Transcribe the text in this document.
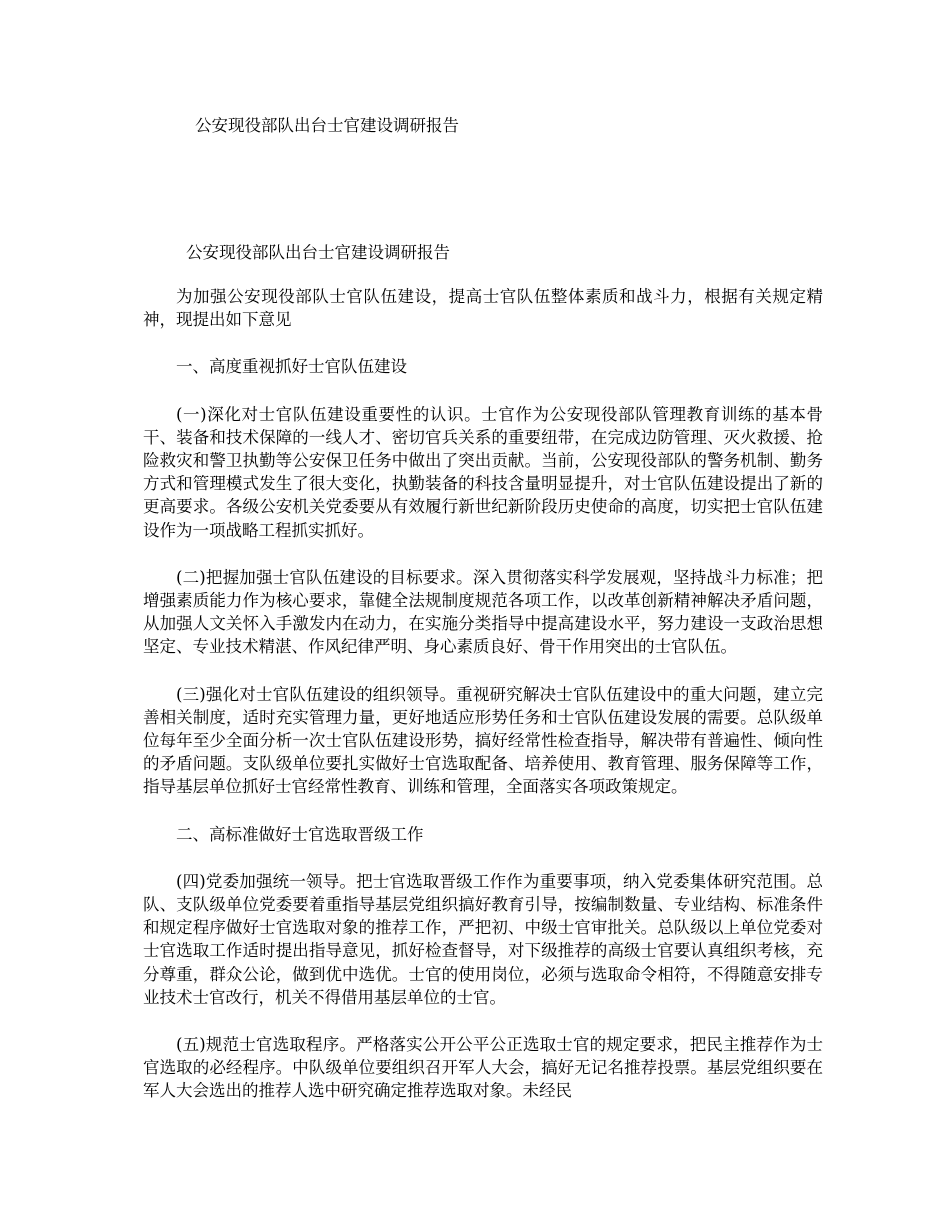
公安现役部队出台士官建设调研报告
公安现役部队出台士官建设调研报告

为加强公安现役部队士官队伍建设，提高士官队伍整体素质和战斗力，根据有关规定精神，现提出如下意见

一、高度重视抓好士官队伍建设

(一)深化对士官队伍建设重要性的认识。士官作为公安现役部队管理教育训练的基本骨干、装备和技术保障的一线人才、密切官兵关系的重要纽带，在完成边防管理、灭火救援、抢险救灾和警卫执勤等公安保卫任务中做出了突出贡献。当前，公安现役部队的警务机制、勤务方式和管理模式发生了很大变化，执勤装备的科技含量明显提升，对士官队伍建设提出了新的更高要求。各级公安机关党委要从有效履行新世纪新阶段历史使命的高度，切实把士官队伍建设作为一项战略工程抓实抓好。

(二)把握加强士官队伍建设的目标要求。深入贯彻落实科学发展观，坚持战斗力标准；把增强素质能力作为核心要求，靠健全法规制度规范各项工作，以改革创新精神解决矛盾问题，从加强人文关怀入手激发内在动力，在实施分类指导中提高建设水平，努力建设一支政治思想坚定、专业技术精湛、作风纪律严明、身心素质良好、骨干作用突出的士官队伍。

(三)强化对士官队伍建设的组织领导。重视研究解决士官队伍建设中的重大问题，建立完善相关制度，适时充实管理力量，更好地适应形势任务和士官队伍建设发展的需要。总队级单位每年至少全面分析一次士官队伍建设形势，搞好经常性检查指导，解决带有普遍性、倾向性的矛盾问题。支队级单位要扎实做好士官选取配备、培养使用、教育管理、服务保障等工作，指导基层单位抓好士官经常性教育、训练和管理，全面落实各项政策规定。

二、高标准做好士官选取晋级工作

(四)党委加强统一领导。把士官选取晋级工作作为重要事项，纳入党委集体研究范围。总队、支队级单位党委要着重指导基层党组织搞好教育引导，按编制数量、专业结构、标准条件和规定程序做好士官选取对象的推荐工作，严把初、中级士官审批关。总队级以上单位党委对士官选取工作适时提出指导意见，抓好检查督导，对下级推荐的高级士官要认真组织考核，充分尊重，群众公论，做到优中选优。士官的使用岗位，必须与选取命令相符，不得随意安排专业技术士官改行，机关不得借用基层单位的士官。

(五)规范士官选取程序。严格落实公开公平公正选取士官的规定要求，把民主推荐作为士官选取的必经程序。中队级单位要组织召开军人大会，搞好无记名推荐投票。基层党组织要在军人大会选出的推荐人选中研究确定推荐选取对象。未经民
